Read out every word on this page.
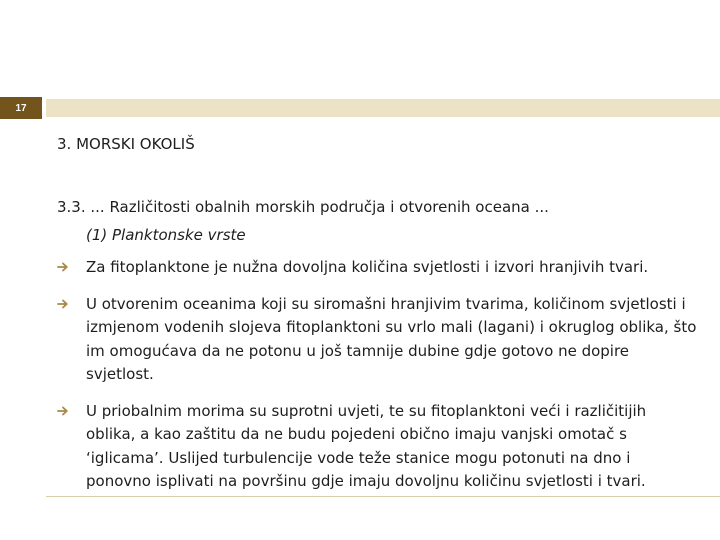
17
3. MORSKI OKOLIŠ
3.3. ... Različitosti obalnih morskih područja i otvorenih oceana ...
(1) Planktonske vrste
Za fitoplanktone je nužna dovoljna količina svjetlosti i izvori hranjivih tvari.
U otvorenim oceanima koji su siromašni hranjivim tvarima, količinom svjetlosti i izmjenom vodenih slojeva fitoplanktoni su vrlo mali (lagani) i okruglog oblika, što im omogućava da ne potonu u još tamnije dubine gdje gotovo ne dopire svjetlost.
U priobalnim morima su suprotni uvjeti, te su fitoplanktoni veći i različitijih oblika, a kao zaštitu da ne budu pojedeni obično imaju vanjski omotač s ‘iglicama’. Uslijed turbulencije vode teže stanice mogu potonuti na dno i ponovno isplivati na površinu gdje imaju dovoljnu količinu svjetlosti i tvari.
